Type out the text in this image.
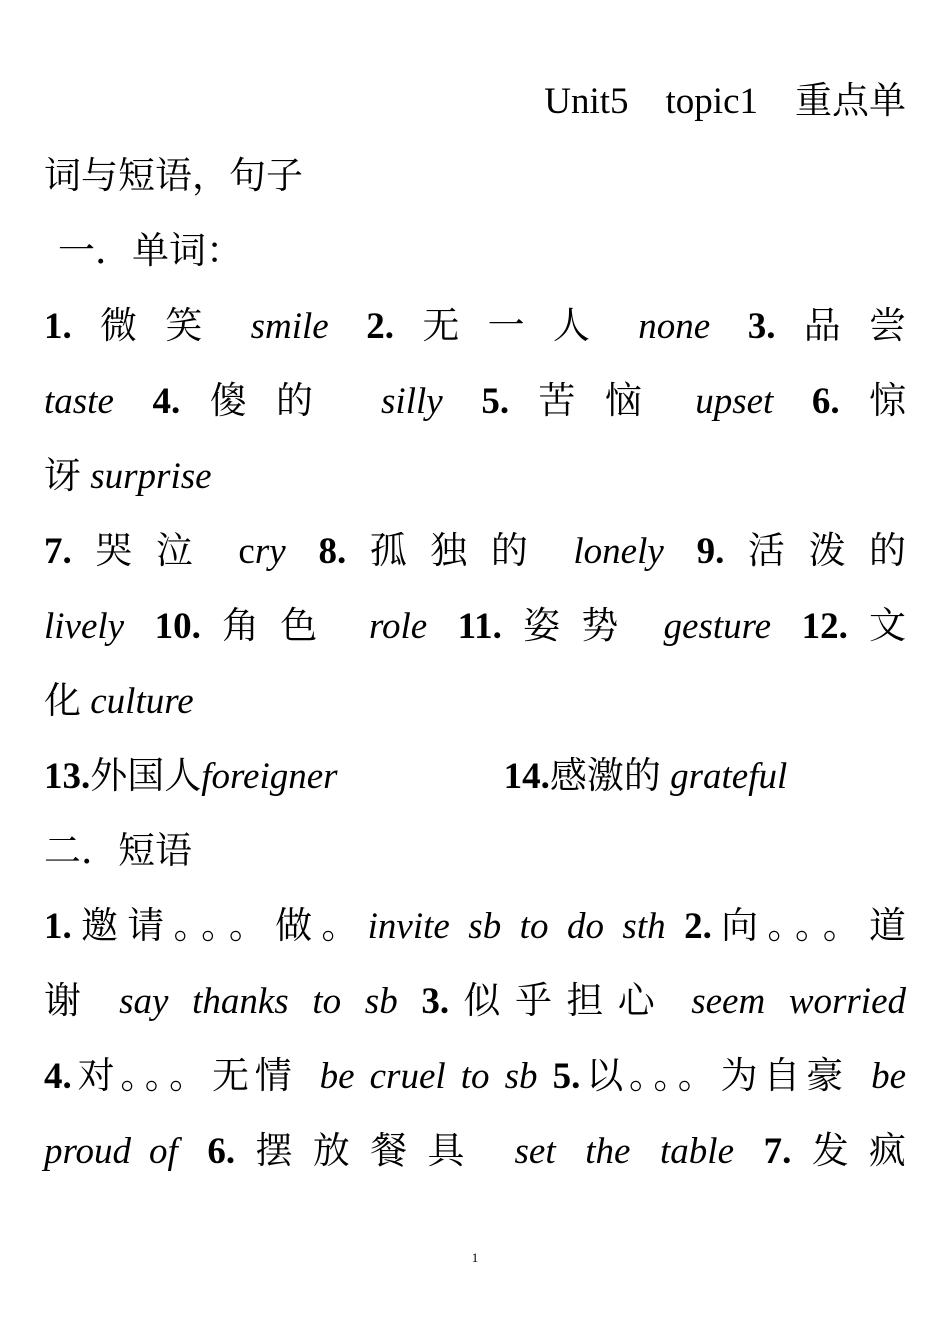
Unit5　topic1　重点单
词与短语，句子
一．单词：
1.微笑 smile 2.无一人 none 3.品尝
taste 4.傻的 silly 5.苦恼 upset 6.惊
讶 surprise
7.哭泣 cry 8.孤独的 lonely 9.活泼的
lively 10.角色 role 11.姿势 gesture 12.文
化 culture
13.外国人foreigner	14.感激的 grateful
二．短语
1.邀请。。。做。invite sb to do sth 2.向。。。道
谢 say thanks to sb 3.似乎担心 seem worried
4.对。。。无情 be cruel to sb 5.以。。。为自豪 be
proud of 6.摆放餐具 set the table 7.发疯
1
